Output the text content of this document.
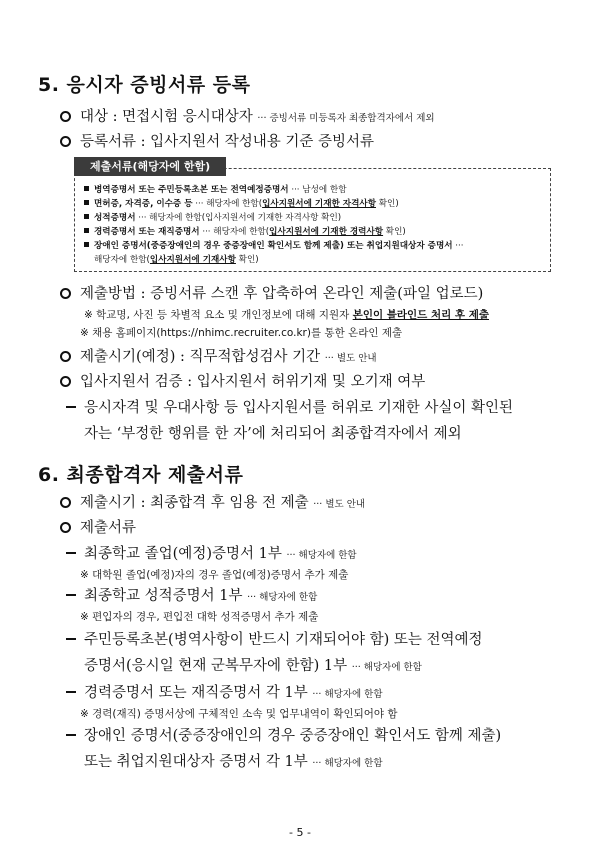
5. 응시자 증빙서류 등록
대상 : 면접시험 응시대상자 ··· 증빙서류 미등록자 최종합격자에서 제외
등록서류 : 입사지원서 작성내용 기준 증빙서류
제출서류(해당자에 한함)
병역증명서 또는 주민등록초본 또는 전역예정증명서 ··· 남성에 한함
면허증, 자격증, 이수증 등 ··· 해당자에 한함(입사지원서에 기재한 자격사항 확인)
성적증명서 ··· 해당자에 한함(입사지원서에 기재한 자격사항 확인)
경력증명서 또는 재직증명서 ··· 해당자에 한함(입사지원서에 기재한 경력사항 확인)
장애인 증명서(중증장애인의 경우 중증장애인 확인서도 함께 제출) 또는 취업지원대상자 증명서 ···
해당자에 한함(입사지원서에 기재사항 확인)
제출방법 : 증빙서류 스캔 후 압축하여 온라인 제출(파일 업로드)
※ 학교명, 사진 등 차별적 요소 및 개인정보에 대해 지원자 본인이 블라인드 처리 후 제출
※ 채용 홈페이지(https://nhimc.recruiter.co.kr)를 통한 온라인 제출
제출시기(예정) : 직무적합성검사 기간 ··· 별도 안내
입사지원서 검증 : 입사지원서 허위기재 및 오기재 여부
응시자격 및 우대사항 등 입사지원서를 허위로 기재한 사실이 확인된
자는 ‘부정한 행위를 한 자’에 처리되어 최종합격자에서 제외
6. 최종합격자 제출서류
제출시기 : 최종합격 후 임용 전 제출 ··· 별도 안내
제출서류
최종학교 졸업(예정)증명서 1부 ··· 해당자에 한함
※ 대학원 졸업(예정)자의 경우 졸업(예정)증명서 추가 제출
최종학교 성적증명서 1부 ··· 해당자에 한함
※ 편입자의 경우, 편입전 대학 성적증명서 추가 제출
주민등록초본(병역사항이 반드시 기재되어야 함) 또는 전역예정
증명서(응시일 현재 군복무자에 한함) 1부 ··· 해당자에 한함
경력증명서 또는 재직증명서 각 1부 ··· 해당자에 한함
※ 경력(재직) 증명서상에 구체적인 소속 및 업무내역이 확인되어야 함
장애인 증명서(중증장애인의 경우 중증장애인 확인서도 함께 제출)
또는 취업지원대상자 증명서 각 1부 ··· 해당자에 한함
- 5 -
